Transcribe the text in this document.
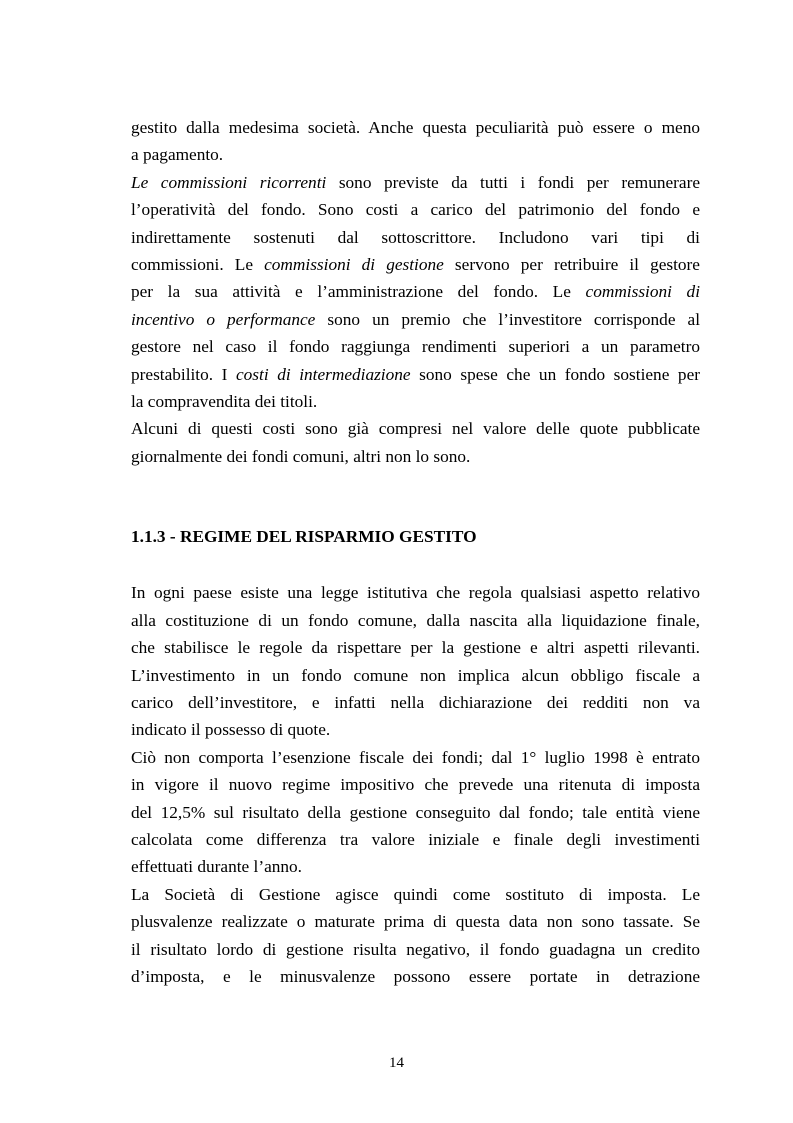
gestito dalla medesima società. Anche questa peculiarità può essere o meno
a pagamento.
Le commissioni ricorrenti sono previste da tutti i fondi per remunerare
l’operatività del fondo. Sono costi a carico del patrimonio del fondo e
indirettamente sostenuti dal sottoscrittore. Includono vari tipi di
commissioni. Le commissioni di gestione servono per retribuire il gestore
per la sua attività e l’amministrazione del fondo. Le commissioni di
incentivo o performance sono un premio che l’investitore corrisponde al
gestore nel caso il fondo raggiunga rendimenti superiori a un parametro
prestabilito. I costi di intermediazione sono spese che un fondo sostiene per
la compravendita dei titoli.
Alcuni di questi costi sono già compresi nel valore delle quote pubblicate
giornalmente dei fondi comuni, altri non lo sono.
1.1.3 - REGIME DEL RISPARMIO GESTITO
In ogni paese esiste una legge istitutiva che regola qualsiasi aspetto relativo
alla costituzione di un fondo comune, dalla nascita alla liquidazione finale,
che stabilisce le regole da rispettare per la gestione e altri aspetti rilevanti.
L’investimento in un fondo comune non implica alcun obbligo fiscale a
carico dell’investitore, e infatti nella dichiarazione dei redditi non va
indicato il possesso di quote.
Ciò non comporta l’esenzione fiscale dei fondi; dal 1° luglio 1998 è entrato
in vigore il nuovo regime impositivo che prevede una ritenuta di imposta
del 12,5% sul risultato della gestione conseguito dal fondo; tale entità viene
calcolata come differenza tra valore iniziale e finale degli investimenti
effettuati durante l’anno.
La Società di Gestione agisce quindi come sostituto di imposta. Le
plusvalenze realizzate o maturate prima di questa data non sono tassate. Se
il risultato lordo di gestione risulta negativo, il fondo guadagna un credito
d’imposta, e le minusvalenze possono essere portate in detrazione
14
